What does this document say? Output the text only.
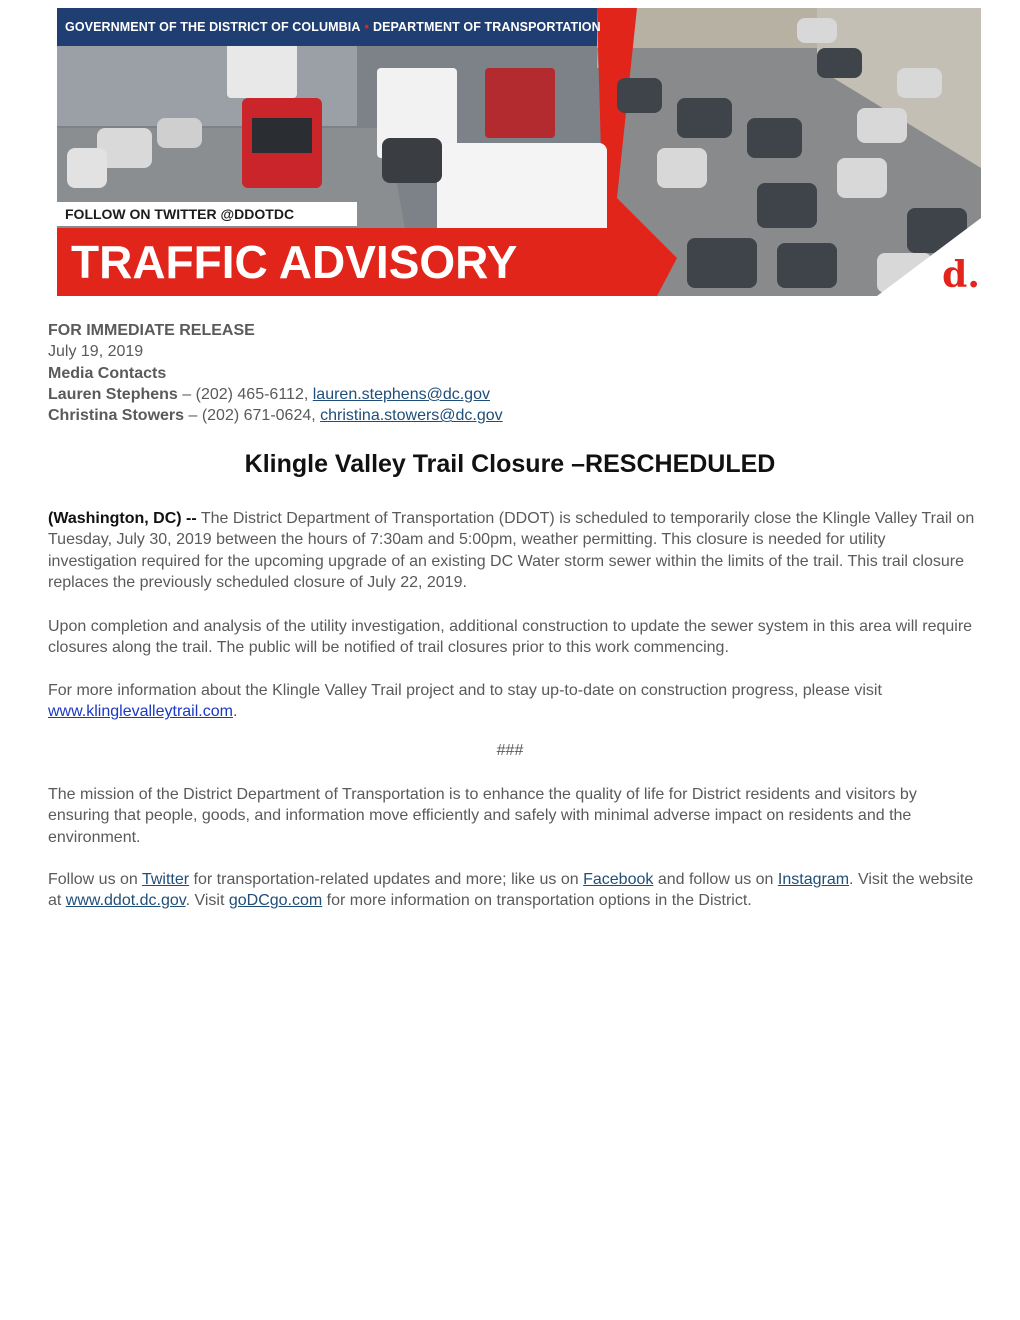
GOVERNMENT OF THE DISTRICT OF COLUMBIA • DEPARTMENT OF TRANSPORTATION
FOLLOW ON TWITTER @DDOTDC
TRAFFIC ADVISORY	d.
FOR IMMEDIATE RELEASE
July 19, 2019
Media Contacts
Lauren Stephens – (202) 465-6112, lauren.stephens@dc.gov
Christina Stowers – (202) 671-0624, christina.stowers@dc.gov
Klingle Valley Trail Closure –RESCHEDULED

(Washington, DC) -- The District Department of Transportation (DDOT) is scheduled to temporarily close the Klingle Valley Trail on Tuesday, July 30, 2019 between the hours of 7:30am and 5:00pm, weather permitting. This closure is needed for utility investigation required for the upcoming upgrade of an existing DC Water storm sewer within the limits of the trail. This trail closure replaces the previously scheduled closure of July 22, 2019.

Upon completion and analysis of the utility investigation, additional construction to update the sewer system in this area will require closures along the trail. The public will be notified of trail closures prior to this work commencing.

For more information about the Klingle Valley Trail project and to stay up-to-date on construction progress, please visit www.klinglevalleytrail.com.

###

The mission of the District Department of Transportation is to enhance the quality of life for District residents and visitors by ensuring that people, goods, and information move efficiently and safely with minimal adverse impact on residents and the environment.

Follow us on Twitter for transportation-related updates and more; like us on Facebook and follow us on Instagram. Visit the website at www.ddot.dc.gov. Visit goDCgo.com for more information on transportation options in the District.
